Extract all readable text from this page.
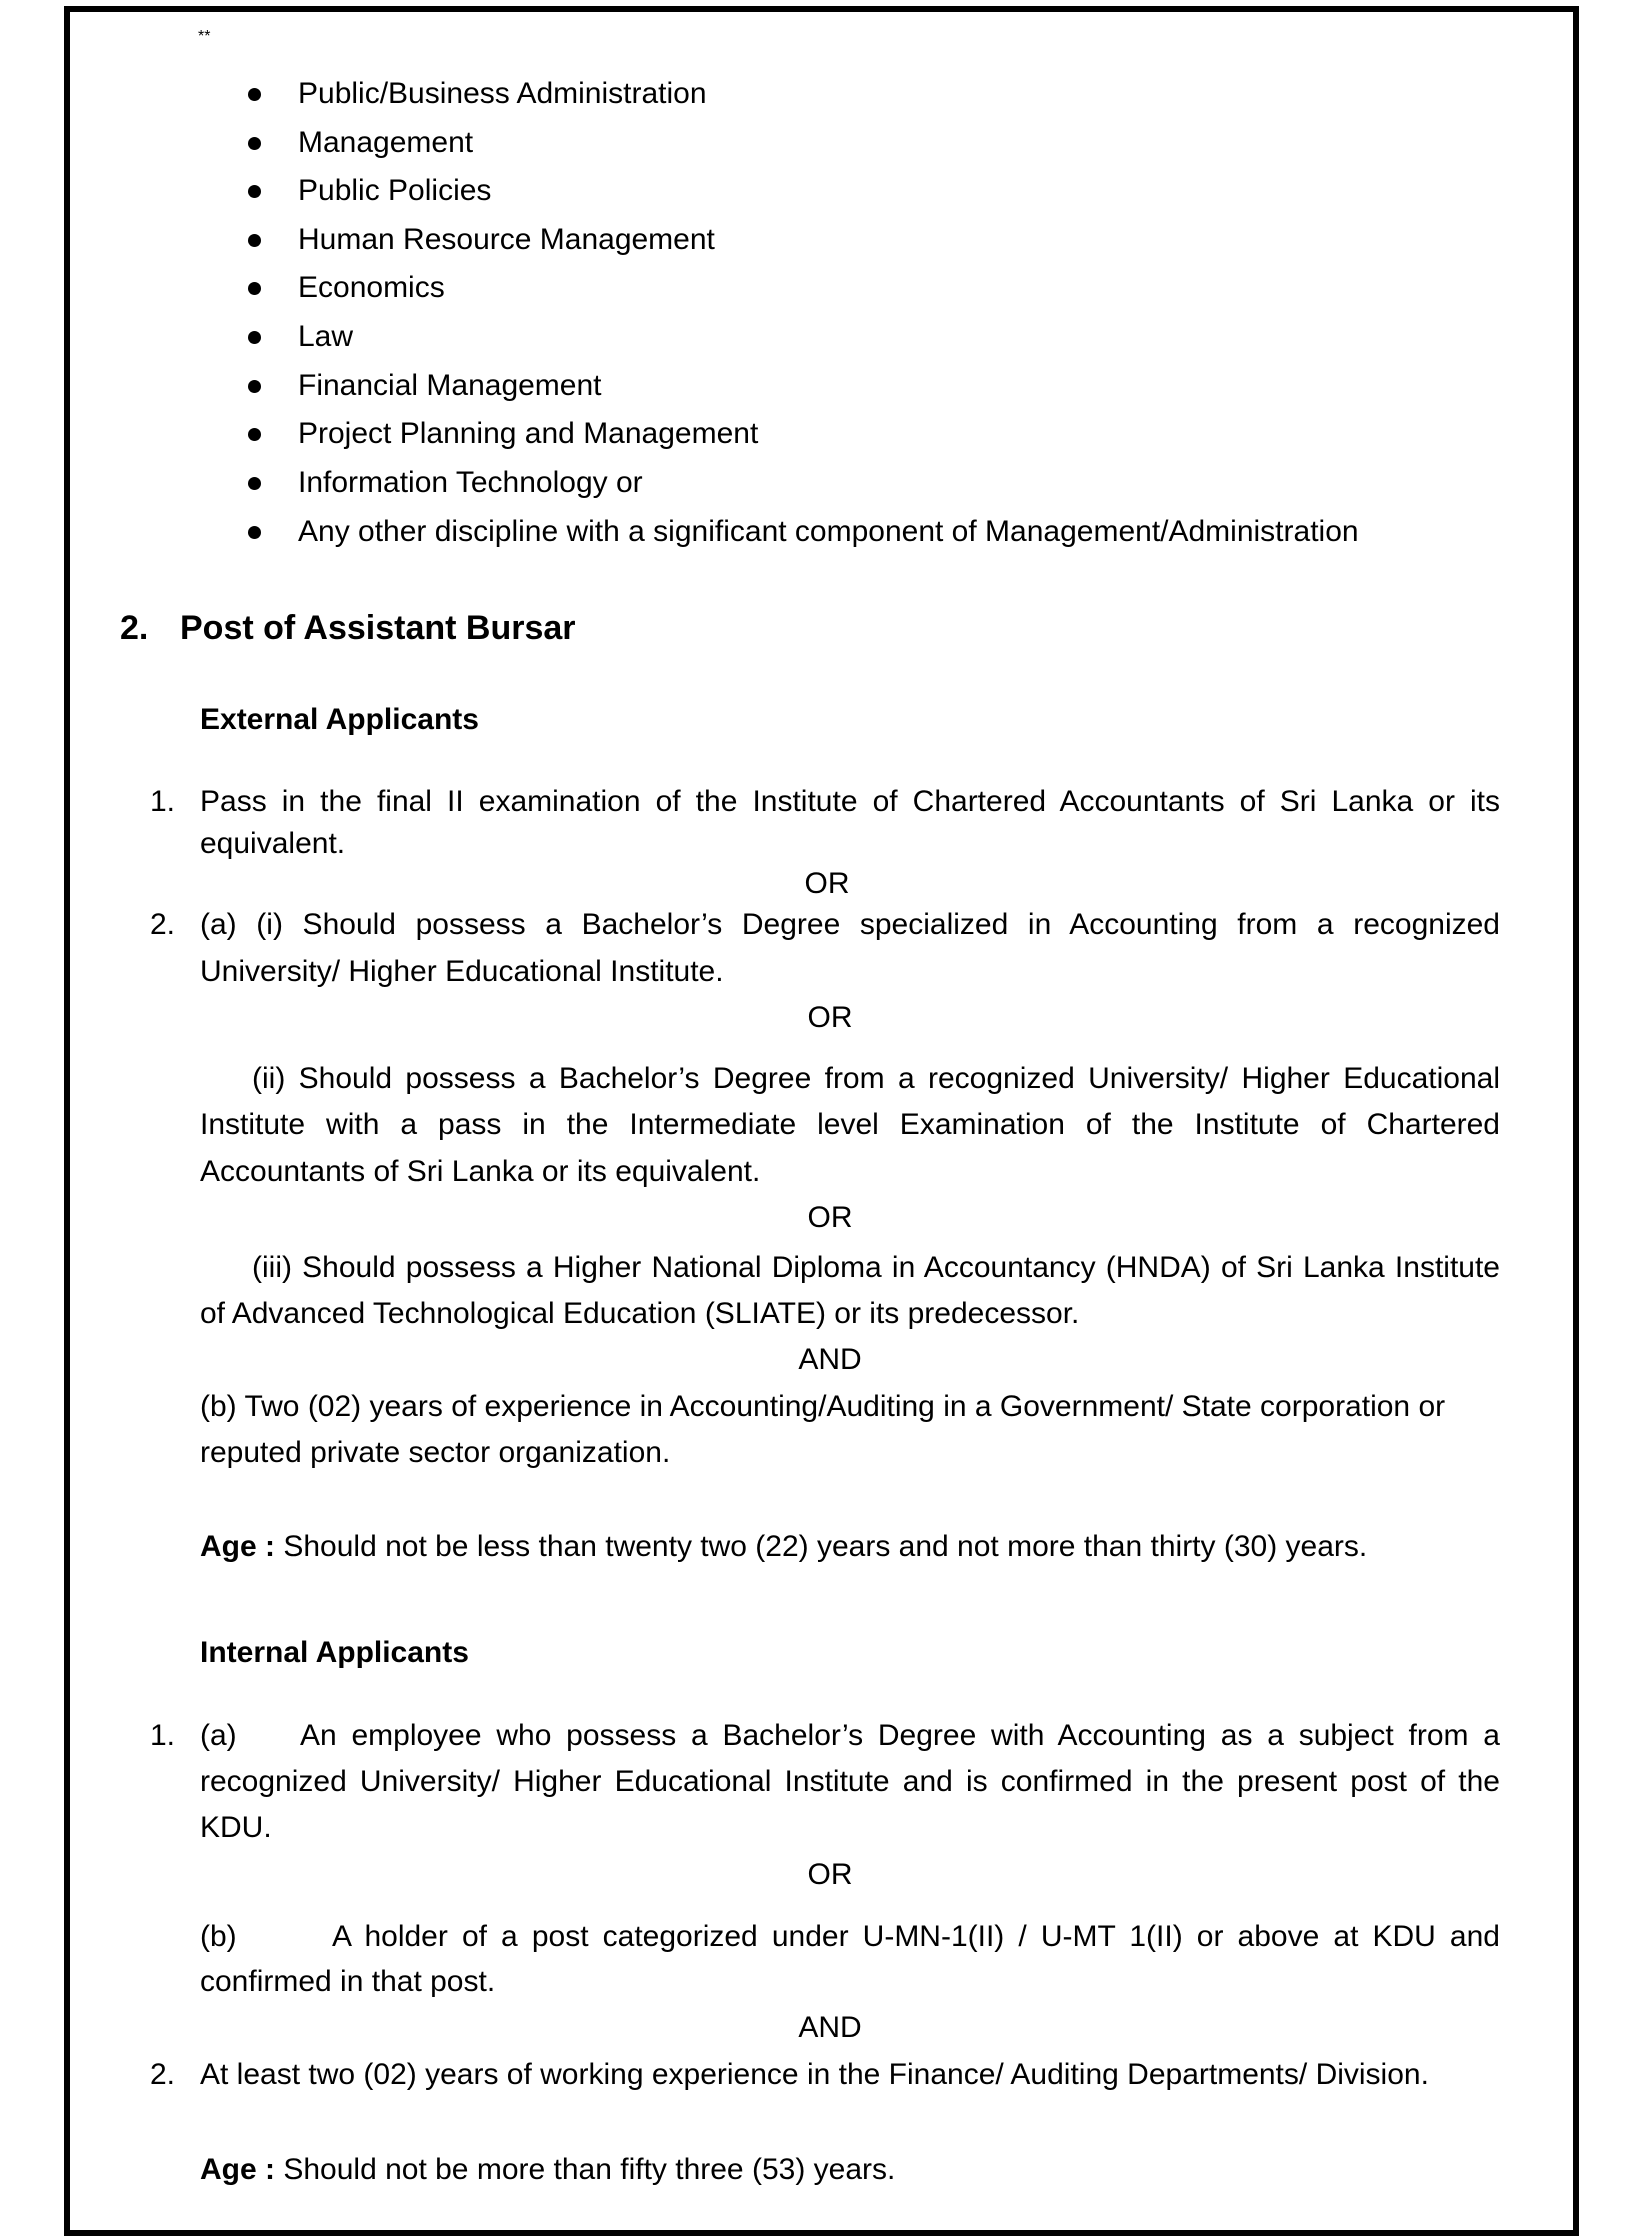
**
Public/Business Administration
Management
Public Policies
Human Resource Management
Economics
Law
Financial Management
Project Planning and Management
Information Technology or
Any other discipline with a significant component of Management/Administration
2. Post of Assistant Bursar
External Applicants
1. Pass in the final II examination of the Institute of Chartered Accountants of Sri Lanka or its
equivalent.
OR
2. (a) (i) Should possess a Bachelor’s Degree specialized in Accounting from a recognized
University/ Higher Educational Institute.
OR
(ii) Should possess a Bachelor’s Degree from a recognized University/ Higher Educational
Institute with a pass in the Intermediate level Examination of the Institute of Chartered
Accountants of Sri Lanka or its equivalent.
OR
(iii) Should possess a Higher National Diploma in Accountancy (HNDA) of Sri Lanka Institute
of Advanced Technological Education (SLIATE) or its predecessor.
AND
(b) Two (02) years of experience in Accounting/Auditing in a Government/ State corporation or
reputed private sector organization.
Age : Should not be less than twenty two (22) years and not more than thirty (30) years.
Internal Applicants
1. (a) An employee who possess a Bachelor’s Degree with Accounting as a subject from a
recognized University/ Higher Educational Institute and is confirmed in the present post of the
KDU.
OR
(b)	A holder of a post categorized under U-MN-1(II) / U-MT 1(II) or above at KDU and
confirmed in that post.
AND
2. At least two (02) years of working experience in the Finance/ Auditing Departments/ Division.
Age : Should not be more than fifty three (53) years.
